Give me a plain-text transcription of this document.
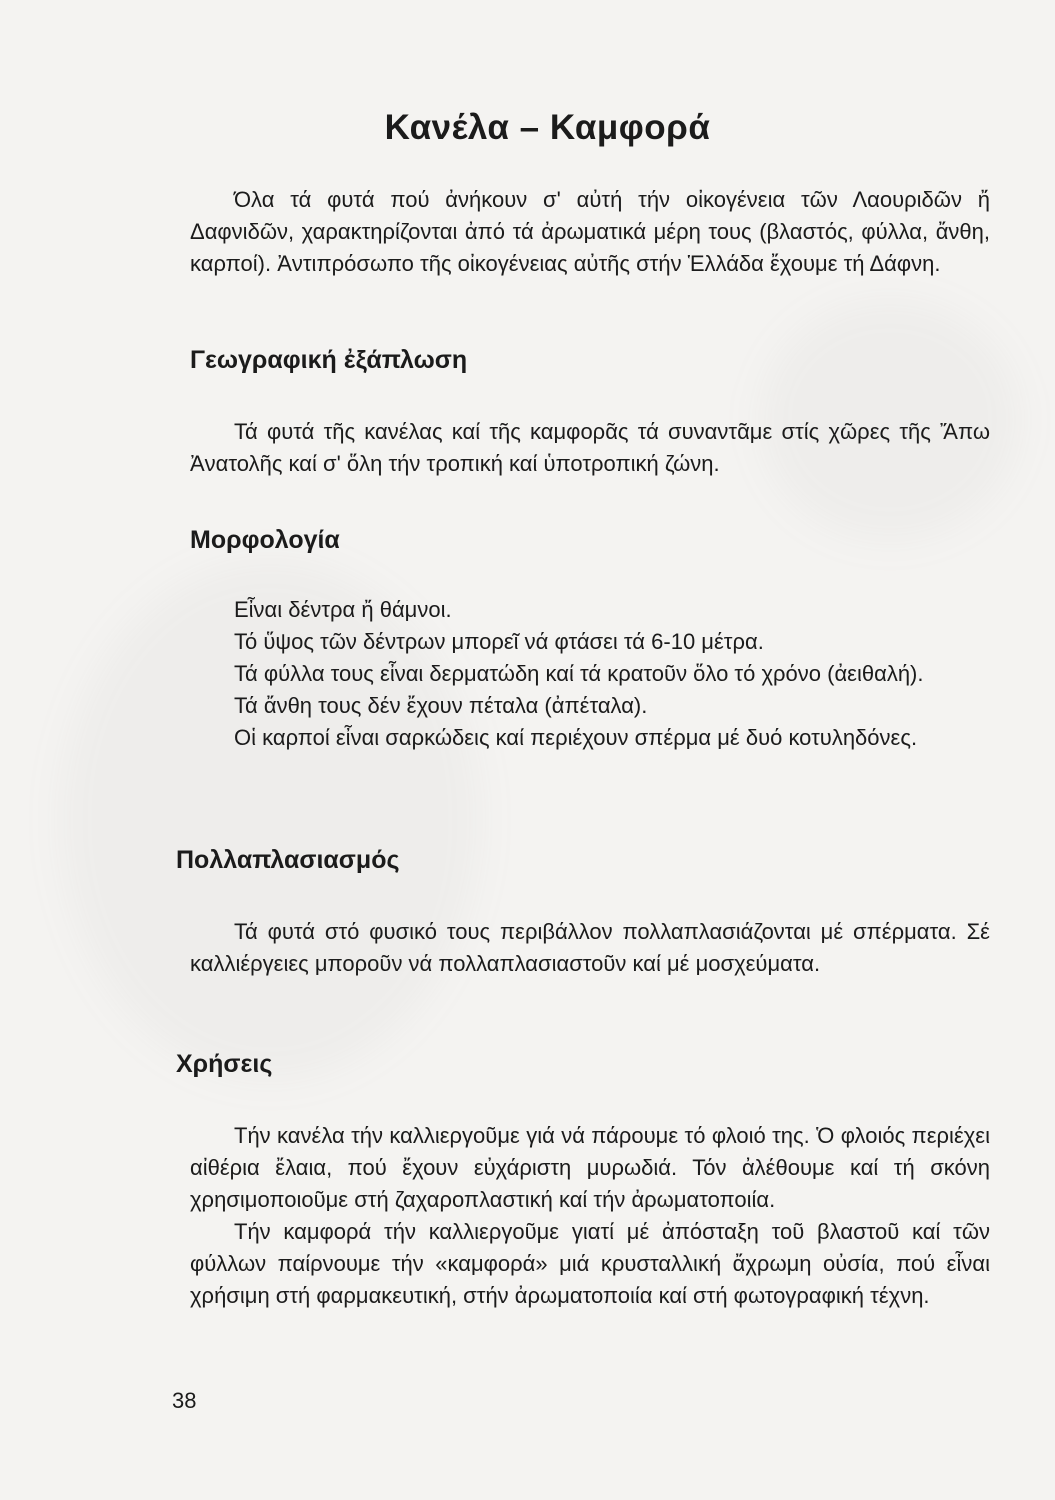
Κανέλα – Καμφορά

Όλα τά φυτά πού ἀνήκουν σ' αὐτή τήν οἰκογένεια τῶν Λαουριδῶν ἤ Δαφνιδῶν, χαρακτηρίζονται ἀπό τά ἀρωματικά μέρη τους (βλαστός, φύλλα, ἄνθη, καρποί). Ἀντιπρόσωπο τῆς οἰκογένειας αὐτῆς στήν Ἑλλάδα ἔχουμε τή Δάφνη.

Γεωγραφική ἐξάπλωση

Τά φυτά τῆς κανέλας καί τῆς καμφορᾶς τά συναντᾶμε στίς χῶρες τῆς Ἄπω Ἀνατολῆς καί σ' ὅλη τήν τροπική καί ὑποτροπική ζώνη.

Μορφολογία

Εἶναι δέντρα ἤ θάμνοι.

Τό ὕψος τῶν δέντρων μπορεῖ νά φτάσει τά 6-10 μέτρα.

Τά φύλλα τους εἶναι δερματώδη καί τά κρατοῦν ὅλο τό χρόνο (ἀειθαλή).

Τά ἄνθη τους δέν ἔχουν πέταλα (ἀπέταλα).

Οἱ καρποί εἶναι σαρκώδεις καί περιέχουν σπέρμα μέ δυό κοτυληδόνες.

Πολλαπλασιασμός

Τά φυτά στό φυσικό τους περιβάλλον πολλαπλασιάζονται μέ σπέρματα. Σέ καλλιέργειες μποροῦν νά πολλαπλασιαστοῦν καί μέ μοσχεύματα.

Χρήσεις

Τήν κανέλα τήν καλλιεργοῦμε γιά νά πάρουμε τό φλοιό της. Ὁ φλοιός περιέχει αἰθέρια ἔλαια, πού ἔχουν εὐχάριστη μυρωδιά. Τόν ἀλέθουμε καί τή σκόνη χρησιμοποιοῦμε στή ζαχαροπλαστική καί τήν ἀρωματοποιία.

Τήν καμφορά τήν καλλιεργοῦμε γιατί μέ ἀπόσταξη τοῦ βλαστοῦ καί τῶν φύλλων παίρνουμε τήν «καμφορά» μιά κρυσταλλική ἄχρωμη οὐσία, πού εἶναι χρήσιμη στή φαρμακευτική, στήν ἀρωματοποιία καί στή φωτογραφική τέχνη.

38
